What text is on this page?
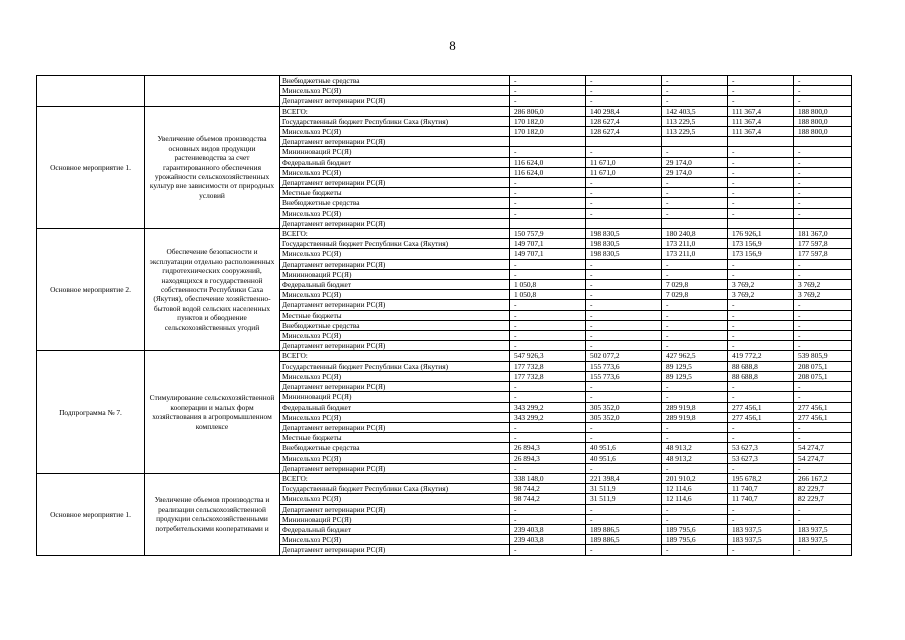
8
		Внебюджетные средства	-	-	-	-	-
		Минсельхоз РС(Я)	-	-	-	-	-
		Департамент ветеринарии РС(Я)	-	-	-	-	-
Основное мероприятие 1.	Увеличение объемов производства основных видов продукции растениеводства за счет гарантированного обеспечения урожайности сельскохозяйственных культур вне зависимости от природных условий	ВСЕГО:	286 806,0	140 298,4	142 403,5	111 367,4	188 800,0
		Государственный бюджет Республики Саха (Якутия)	170 182,0	128 627,4	113 229,5	111 367,4	188 800,0
		Минсельхоз РС(Я)	170 182,0	128 627,4	113 229,5	111 367,4	188 800,0
		Департамент ветеринарии РС(Я)					
		Мининноваций РС(Я)	-	-	-	-	-
		Федеральный бюджет	116 624,0	11 671,0	29 174,0	-	-
		Минсельхоз РС(Я)	116 624,0	11 671,0	29 174,0	-	-
		Департамент ветеринарии РС(Я)	-	-	-	-	-
		Местные бюджеты	-	-	-	-	-
		Внебюджетные средства	-	-	-	-	-
		Минсельхоз РС(Я)	-	-	-	-	-
		Департамент ветеринарии РС(Я)					
Основное мероприятие 2.	Обеспечение безопасности и эксплуатации отдельно расположенных гидротехнических сооружений, находящихся в государственной собственности Республики Саха (Якутия), обеспечение хозяйственно-бытовой водой сельских населенных пунктов и обводнение сельскохозяйственных угодий	ВСЕГО:	150 757,9	198 830,5	180 240,8	176 926,1	181 367,0
		Государственный бюджет Республики Саха (Якутия)	149 707,1	198 830,5	173 211,0	173 156,9	177 597,8
		Минсельхоз РС(Я)	149 707,1	198 830,5	173 211,0	173 156,9	177 597,8
		Департамент ветеринарии РС(Я)	-	-	-	-	-
		Мининноваций РС(Я)	-	-	-	-	-
		Федеральный бюджет	1 050,8	-	7 029,8	3 769,2	3 769,2
		Минсельхоз РС(Я)	1 050,8	-	7 029,8	3 769,2	3 769,2
		Департамент ветеринарии РС(Я)	-	-	-	-	-
		Местные бюджеты	-	-	-	-	-
		Внебюджетные средства	-	-	-	-	-
		Минсельхоз РС(Я)	-	-	-	-	-
		Департамент ветеринарии РС(Я)	-	-	-	-	-
Подпрограмма № 7.	Стимулирование сельскохозяйственной кооперации и малых форм хозяйствования в агропромышленном комплексе	ВСЕГО:	547 926,3	502 077,2	427 962,5	419 772,2	539 805,9
		Государственный бюджет Республики Саха (Якутия)	177 732,8	155 773,6	89 129,5	88 688,8	208 075,1
		Минсельхоз РС(Я)	177 732,8	155 773,6	89 129,5	88 688,8	208 075,1
		Департамент ветеринарии РС(Я)	-	-	-	-	-
		Мининноваций РС(Я)	-	-	-	-	-
		Федеральный бюджет	343 299,2	305 352,0	289 919,8	277 456,1	277 456,1
		Минсельхоз РС(Я)	343 299,2	305 352,0	289 919,8	277 456,1	277 456,1
		Департамент ветеринарии РС(Я)	-	-	-	-	-
		Местные бюджеты	-	-	-	-	-
		Внебюджетные средства	26 894,3	40 951,6	48 913,2	53 627,3	54 274,7
		Минсельхоз РС(Я)	26 894,3	40 951,6	48 913,2	53 627,3	54 274,7
		Департамент ветеринарии РС(Я)	-	-	-	-	-
Основное мероприятие 1.	Увеличение объемов производства и реализации сельскохозяйственной продукции сельскохозяйственными потребительскими кооперативами и	ВСЕГО:	338 148,0	221 398,4	201 910,2	195 678,2	266 167,2
		Государственный бюджет Республики Саха (Якутия)	98 744,2	31 511,9	12 114,6	11 740,7	82 229,7
		Минсельхоз РС(Я)	98 744,2	31 511,9	12 114,6	11 740,7	82 229,7
		Департамент ветеринарии РС(Я)	-	-	-	-	-
		Мининноваций РС(Я)	-	-	-	-	-
		Федеральный бюджет	239 403,8	189 886,5	189 795,6	183 937,5	183 937,5
		Минсельхоз РС(Я)	239 403,8	189 886,5	189 795,6	183 937,5	183 937,5
		Департамент ветеринарии РС(Я)	-	-	-	-	-
